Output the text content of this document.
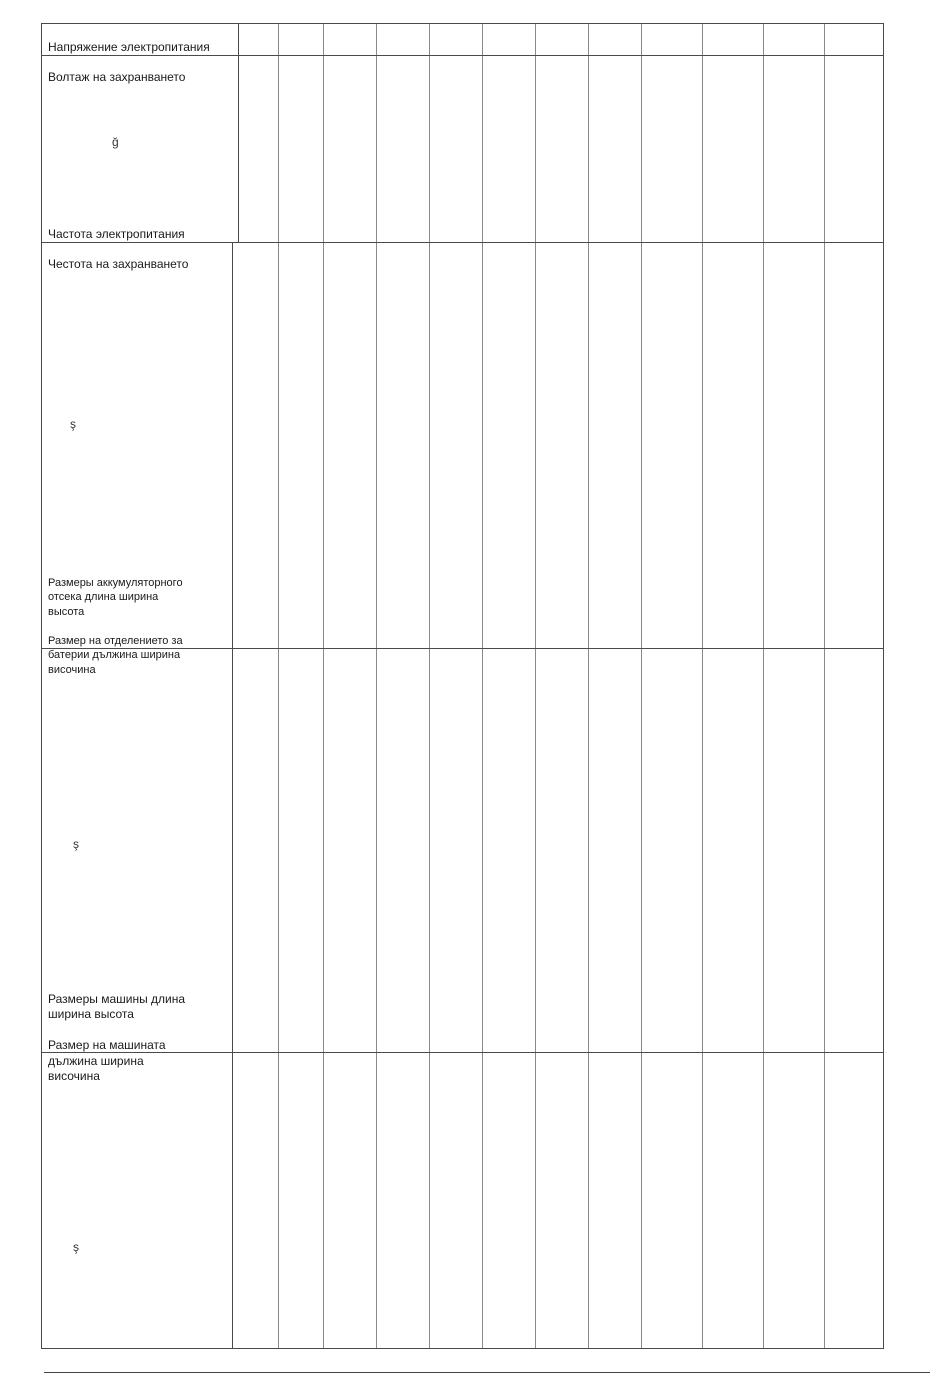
Напряжение электропитания

Волтаж на захранването

ğ

Частота электропитания

Честота на захранването

ş

Размеры аккумуляторного
отсека длина ширина
высота

Размер на отделението за
батерии дължина ширина
височина

ş

Размеры машины длина
ширина высота

Размер на машината
дължина ширина
височина

ş
